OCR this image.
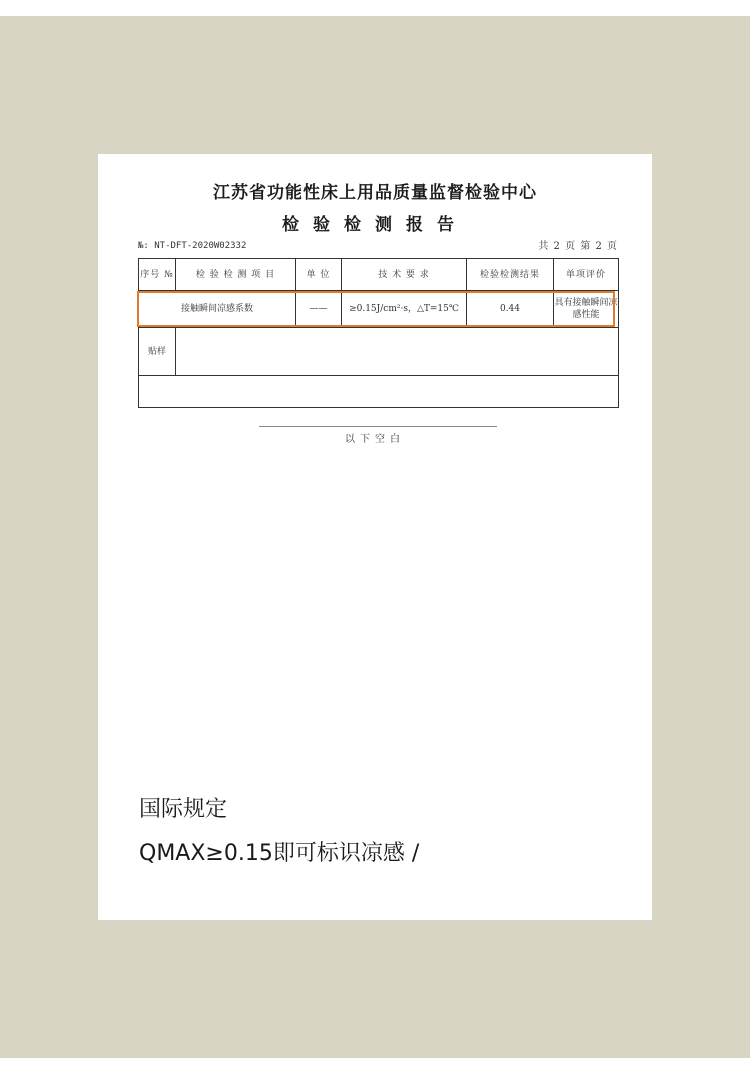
江苏省功能性床上用品质量监督检验中心
检验检测报告
№: NT-DFT-2020W02332	共 2 页 第 2 页
序号 №	检 验 检 测 项 目	单 位	技 术 要 求	检验检测结果	单项评价
接触瞬间凉感系数		——	≥0.15J/cm²·s，△T=15℃	0.44	具有接触瞬间凉感性能
贴样					

以下空白
国际规定
QMAX≥0.15即可标识凉感 /
